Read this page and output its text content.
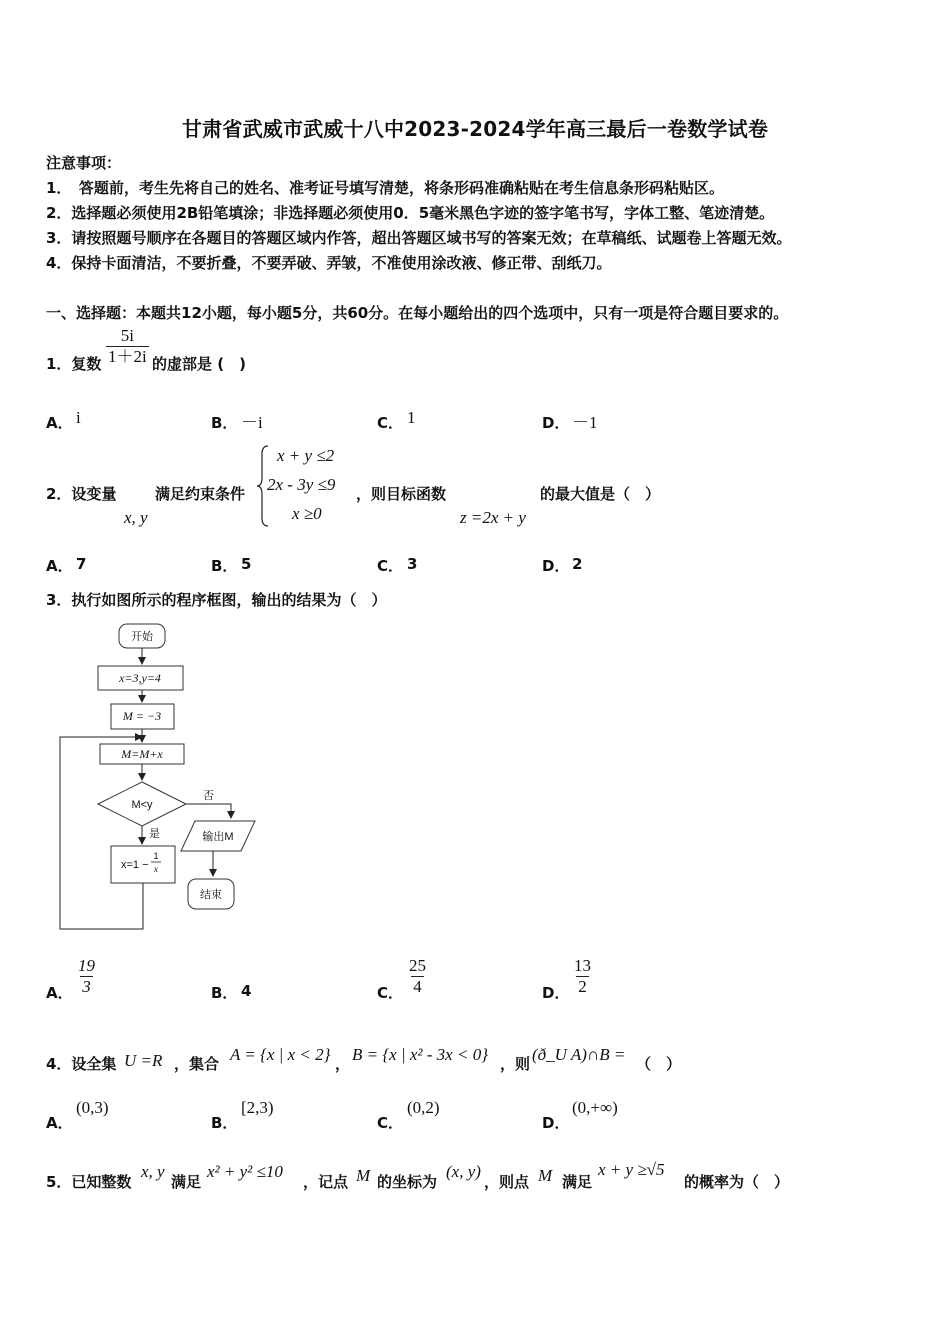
甘肃省武威市武威十八中2023-2024学年高三最后一卷数学试卷
注意事项：
1．　答题前，考生先将自己的姓名、准考证号填写清楚，将条形码准确粘贴在考生信息条形码粘贴区。
2．选择题必须使用2B铅笔填涂；非选择题必须使用0．5毫米黑色字迹的签字笔书写，字体工整、笔迹清楚。
3．请按照题号顺序在各题目的答题区域内作答，超出答题区域书写的答案无效；在草稿纸、试题卷上答题无效。
4．保持卡面清洁，不要折叠，不要弄破、弄皱，不准使用涂改液、修正带、刮纸刀。
一、选择题：本题共12小题，每小题5分，共60分。在每小题给出的四个选项中，只有一项是符合题目要求的。
1．复数 $\frac{5i}{1+2i}$ 的虚部是 (　)
A． i	B． －i	C． 1	D． －1
2．设变量
x, y
满足约束条件
x + y ≤2
2x - 3y ≤9
x ≥0
，则目标函数
z =2x + y
的最大值是（　）
A． 7	B． 5	C． 3	D． 2
3．执行如图所示的程序框图，输出的结果为（　）
开始
x=3,y=4
M = −3
M=M+x
M<y
否
输出M
结束
是
x=1 −
1
x
A． $\frac{19}{3}$	B． 4	C． $\frac{25}{4}$	D． $\frac{13}{2}$
4．设全集 U =R ，集合 A = {x | x < 2} ， B = {x | x² - 3x < 0} ，则 (ð_U A)∩B = （　）
A．
(0,3)
B．
[2,3)
C．
(0,2)
D．
(0,+∞)
5．已知整数
x, y
满足
x² + y² ≤10
，记点 M 的坐标为
(x, y)
，则点 M 满足
x + y ≥√5
的概率为（　）
